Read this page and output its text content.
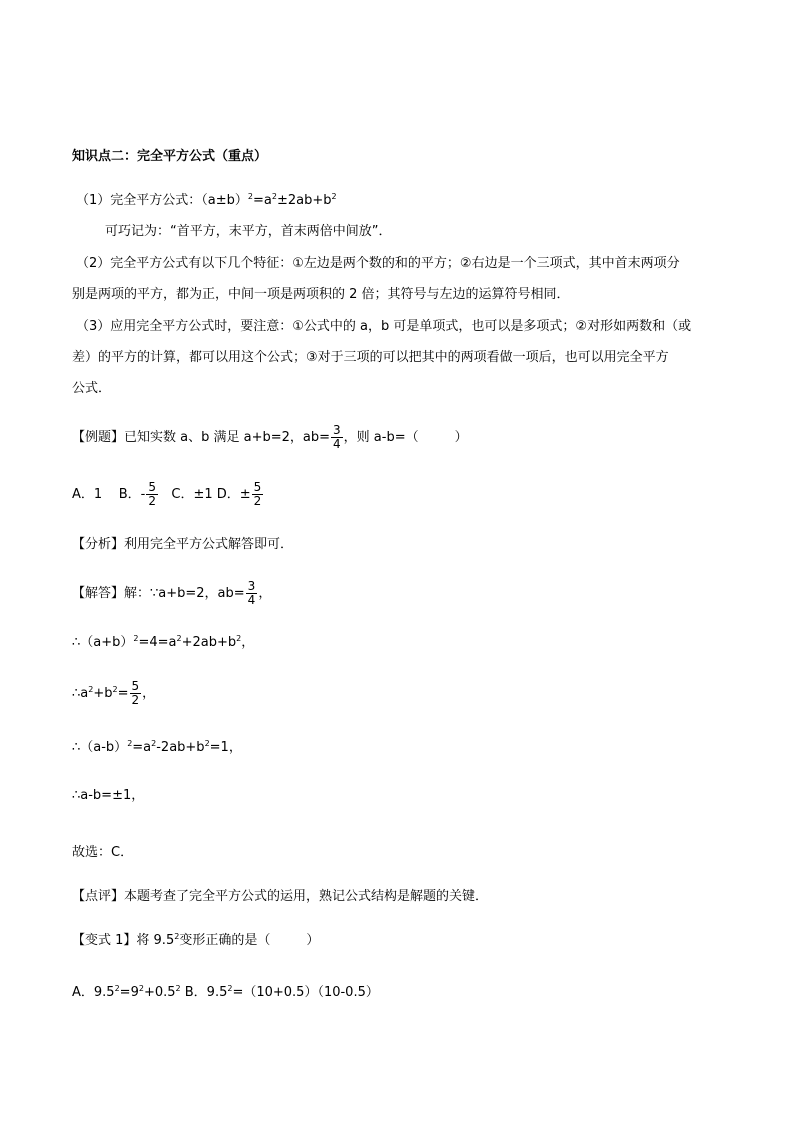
知识点二：完全平方公式（重点）
（1）完全平方公式：$(a\pm b)^2=a^2\pm 2ab+b^2$
可巧记为：“首平方，末平方，首末两倍中间放”．
（2）完全平方公式有以下几个特征：①左边是两个数的和的平方；②右边是一个三项式，其中首末两项分
别是两项的平方，都为正，中间一项是两项积的 2 倍；其符号与左边的运算符号相同．
（3）应用完全平方公式时，要注意：①公式中的 a，b 可是单项式，也可以是多项式；②对形如两数和（或
差）的平方的计算，都可以用这个公式；③对于三项的可以把其中的两项看做一项后，也可以用完全平方
公式．
【例题】已知实数 a、b 满足 a+b=2，$ab= \frac{3}{4}$ ，则 a-b=（	）
A．1 B．- $\frac{5}{2}$ C．±1 D．± $\frac{5}{2}$
【分析】利用完全平方公式解答即可．
【解答】解：∵a+b=2，$ab= \frac{3}{4}$ ，
$\therefore(a+b)^2=4=a^2+2ab+b^2$，
$\therefore a^2+b^2= \frac{5}{2}$ ，
$\therefore(a-b)^2=a^2-2ab+b^2=1$，
∴a-b=±1，
故选：C．
【点评】本题考查了完全平方公式的运用，熟记公式结构是解题的关键．
【变式 1】将 $9.5^2$变形正确的是（	）
A．$9.5^2=9^2+0.5^2$ B．$9.5^2=(10+0.5)(10-0.5)$
